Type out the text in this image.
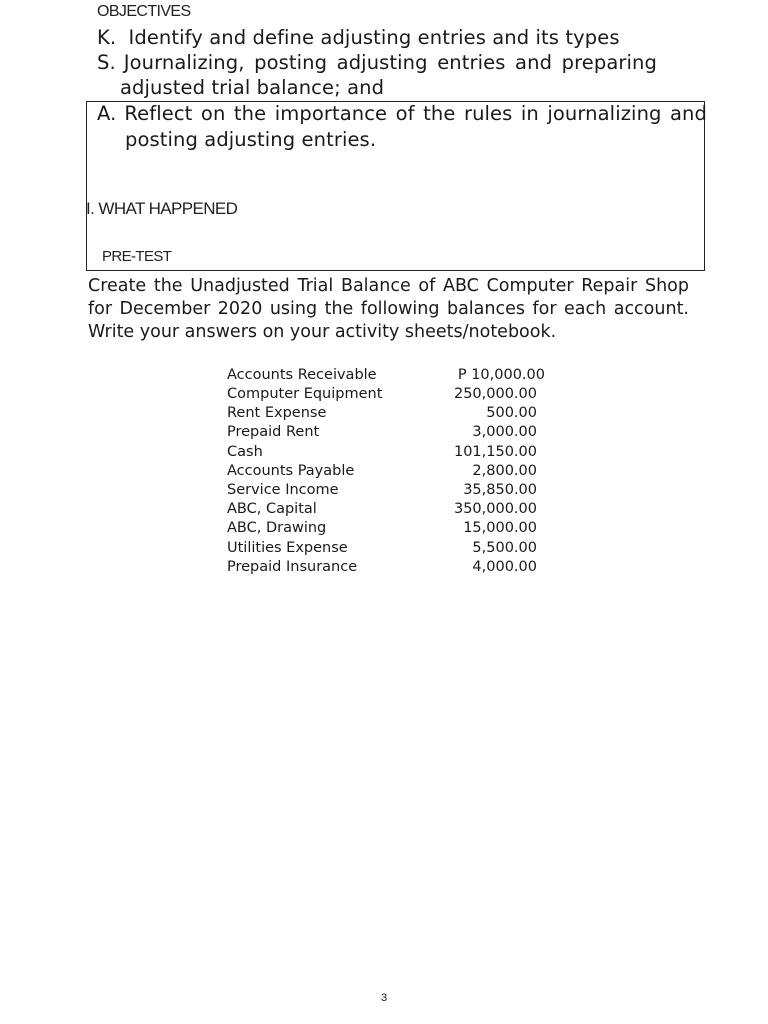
OBJECTIVES
K. Identify and define adjusting entries and its types
S. Journalizing, posting adjusting entries and preparing
adjusted trial balance; and
A. Reflect on the importance of the rules in journalizing and
posting adjusting entries.
I. WHAT HAPPENED
PRE-TEST
Create the Unadjusted Trial Balance of ABC Computer Repair Shop for December 2020 using the following balances for each account. Write your answers on your activity sheets/notebook.
Accounts Receivable	P 10,000.00
Computer Equipment	250,000.00
Rent Expense	500.00
Prepaid Rent	3,000.00
Cash	101,150.00
Accounts Payable	2,800.00
Service Income	35,850.00
ABC, Capital	350,000.00
ABC, Drawing	15,000.00
Utilities Expense	5,500.00
Prepaid Insurance	4,000.00
3
